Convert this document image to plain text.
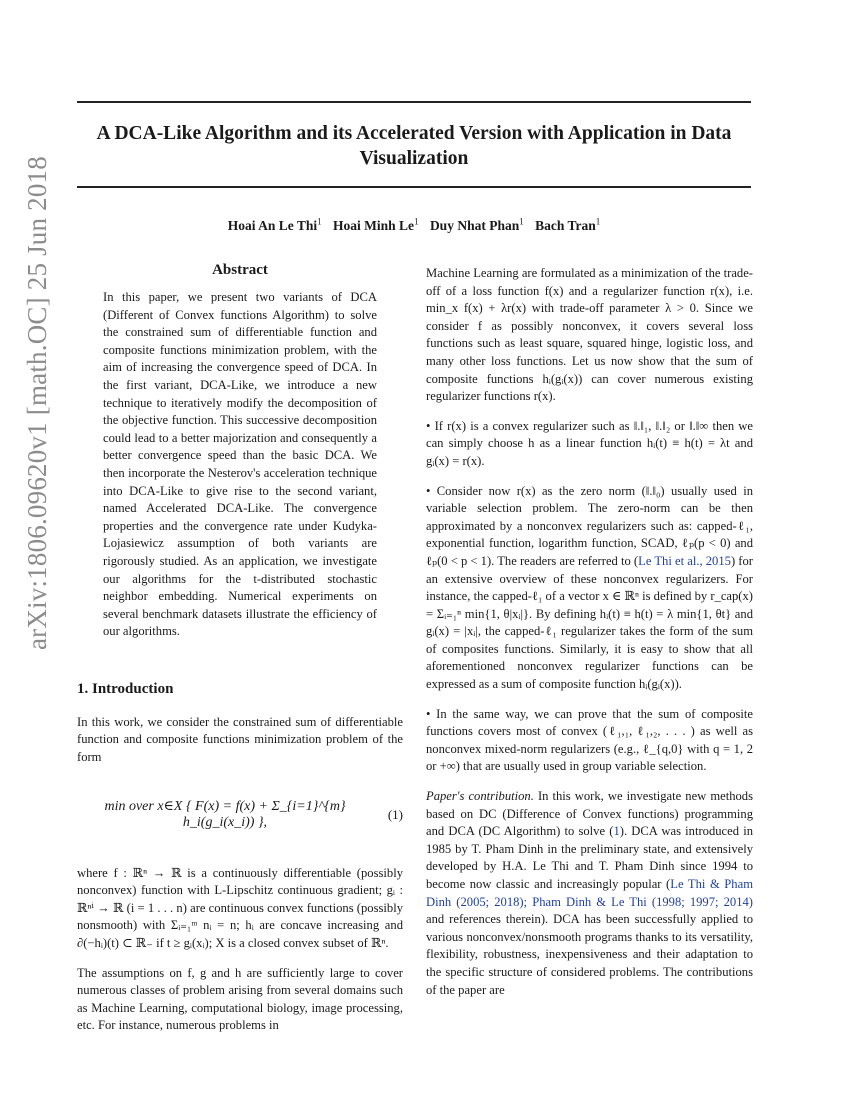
A DCA-Like Algorithm and its Accelerated Version with Application in Data Visualization
Hoai An Le Thi$^1$ Hoai Minh Le$^1$ Duy Nhat Phan$^1$ Bach Tran$^1$
arXiv:1806.09620v1 [math.OC] 25 Jun 2018	Abstract
In this paper, we present two variants of DCA (Different of Convex functions Algorithm) to solve the constrained sum of differentiable function and composite functions minimization problem, with the aim of increasing the convergence speed of DCA. In the first variant, DCA-Like, we introduce a new technique to iteratively modify the decomposition of the objective function. This successive decomposition could lead to a better majorization and consequently a better convergence speed than the basic DCA. We then incorporate the Nesterov's acceleration technique into DCA-Like to give rise to the second variant, named Accelerated DCA-Like. The convergence properties and the convergence rate under Kudyka-Lojasiewicz assumption of both variants are rigorously studied. As an application, we investigate our algorithms for the t-distributed stochastic neighbor embedding. Numerical experiments on several benchmark datasets illustrate the efficiency of our algorithms.
1. Introduction

In this work, we consider the constrained sum of differentiable function and composite functions minimization problem of the form

min over x∈X { F(x) = f(x) + Σ_{i=1}^{m} h_i(g_i(x_i)) },
(1)

where f : ℝⁿ → ℝ is a continuously differentiable (possibly nonconvex) function with L-Lipschitz continuous gradient; gᵢ : ℝⁿⁱ → ℝ (i = 1 . . . n) are continuous convex functions (possibly nonsmooth) with Σᵢ₌₁ᵐ nᵢ = n; hᵢ are concave increasing and ∂(−hᵢ)(t) ⊂ ℝ₋ if t ≥ gᵢ(xᵢ); X is a closed convex subset of ℝⁿ.

The assumptions on f, g and h are sufficiently large to cover numerous classes of problem arising from several domains such as Machine Learning, computational biology, image processing, etc. For instance, numerous problems in

Machine Learning are formulated as a minimization of the trade-off of a loss function f(x) and a regularizer function r(x), i.e. min_x f(x) + λr(x) with trade-off parameter λ > 0. Since we consider f as possibly nonconvex, it covers several loss functions such as least square, squared hinge, logistic loss, and many other loss functions. Let us now show that the sum of composite functions hᵢ(gᵢ(x)) can cover numerous existing regularizer functions r(x).

• If r(x) is a convex regularizer such as ‖.‖₁, ‖.‖₂ or ‖.‖∞ then we can simply choose h as a linear function hᵢ(t) ≡ h(t) = λt and gᵢ(x) = r(x).

• Consider now r(x) as the zero norm (‖.‖₀) usually used in variable selection problem. The zero-norm can be then approximated by a nonconvex regularizers such as: capped-ℓ₁, exponential function, logarithm function, SCAD, ℓₚ(p < 0) and ℓₚ(0 < p < 1). The readers are referred to (Le Thi et al., 2015) for an extensive overview of these nonconvex regularizers. For instance, the capped-ℓ₁ of a vector x ∈ ℝⁿ is defined by r_cap(x) = Σᵢ₌₁ⁿ min{1, θ|xᵢ|}. By defining hᵢ(t) ≡ h(t) = λ min{1, θt} and gᵢ(x) = |xᵢ|, the capped-ℓ₁ regularizer takes the form of the sum of composites functions. Similarly, it is easy to show that all aforementioned nonconvex regularizer functions can be expressed as a sum of composite function hᵢ(gᵢ(x)).

• In the same way, we can prove that the sum of composite functions covers most of convex (ℓ₁,₁, ℓ₁,₂, . . . ) as well as nonconvex mixed-norm regularizers (e.g., ℓ_{q,0} with q = 1, 2 or +∞) that are usually used in group variable selection.

Paper's contribution. In this work, we investigate new methods based on DC (Difference of Convex functions) programming and DCA (DC Algorithm) to solve (1). DCA was introduced in 1985 by T. Pham Dinh in the preliminary state, and extensively developed by H.A. Le Thi and T. Pham Dinh since 1994 to become now classic and increasingly popular (Le Thi & Pham Dinh (2005; 2018); Pham Dinh & Le Thi (1998; 1997; 2014) and references therein). DCA has been successfully applied to various nonconvex/nonsmooth programs thanks to its versatility, flexibility, robustness, inexpensiveness and their adaptation to the specific structure of considered problems. The contributions of the paper are
